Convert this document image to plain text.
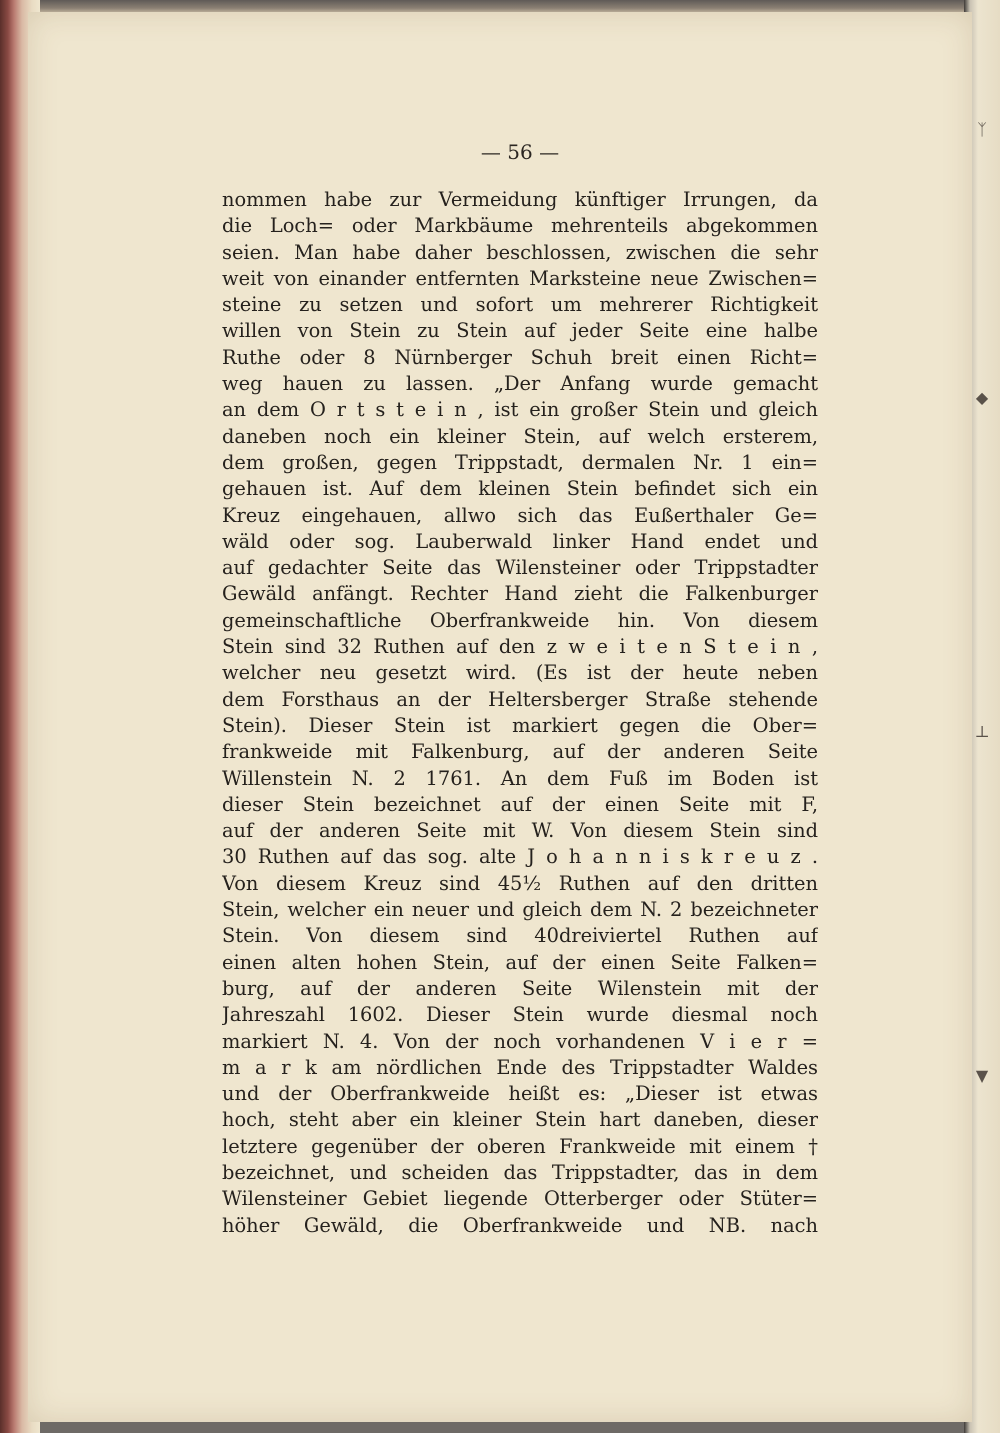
ᛉ
◆
⊥
▼
— 56 —
nommen habe zur Vermeidung künftiger Irrungen, da
die Loch= oder Markbäume mehrenteils abgekommen
seien. Man habe daher beschlossen, zwischen die sehr
weit von einander entfernten Marksteine neue Zwischen=
steine zu setzen und sofort um mehrerer Richtigkeit
willen von Stein zu Stein auf jeder Seite eine halbe
Ruthe oder 8 Nürnberger Schuh breit einen Richt=
weg hauen zu lassen. „Der Anfang wurde gemacht
an dem O r t s t e i n , ist ein großer Stein und gleich
daneben noch ein kleiner Stein, auf welch ersterem,
dem großen, gegen Trippstadt, dermalen Nr. 1 ein=
gehauen ist. Auf dem kleinen Stein befindet sich ein
Kreuz eingehauen, allwo sich das Eußerthaler Ge=
wäld oder sog. Lauberwald linker Hand endet und
auf gedachter Seite das Wilensteiner oder Trippstadter
Gewäld anfängt. Rechter Hand zieht die Falkenburger
gemeinschaftliche Oberfrankweide hin. Von diesem
Stein sind 32 Ruthen auf den z w e i t e n S t e i n ,
welcher neu gesetzt wird. (Es ist der heute neben
dem Forsthaus an der Heltersberger Straße stehende
Stein). Dieser Stein ist markiert gegen die Ober=
frankweide mit Falkenburg, auf der anderen Seite
Willenstein N. 2 1761. An dem Fuß im Boden ist
dieser Stein bezeichnet auf der einen Seite mit F,
auf der anderen Seite mit W. Von diesem Stein sind
30 Ruthen auf das sog. alte J o h a n n i s k r e u z .
Von diesem Kreuz sind 45½ Ruthen auf den dritten
Stein, welcher ein neuer und gleich dem N. 2 bezeichneter
Stein. Von diesem sind 40dreiviertel Ruthen auf
einen alten hohen Stein, auf der einen Seite Falken=
burg, auf der anderen Seite Wilenstein mit der
Jahreszahl 1602. Dieser Stein wurde diesmal noch
markiert N. 4. Von der noch vorhandenen V i e r =
m a r k am nördlichen Ende des Trippstadter Waldes
und der Oberfrankweide heißt es: „Dieser ist etwas
hoch, steht aber ein kleiner Stein hart daneben, dieser
letztere gegenüber der oberen Frankweide mit einem †
bezeichnet, und scheiden das Trippstadter, das in dem
Wilensteiner Gebiet liegende Otterberger oder Stüter=
höher Gewäld, die Oberfrankweide und NB. nach
